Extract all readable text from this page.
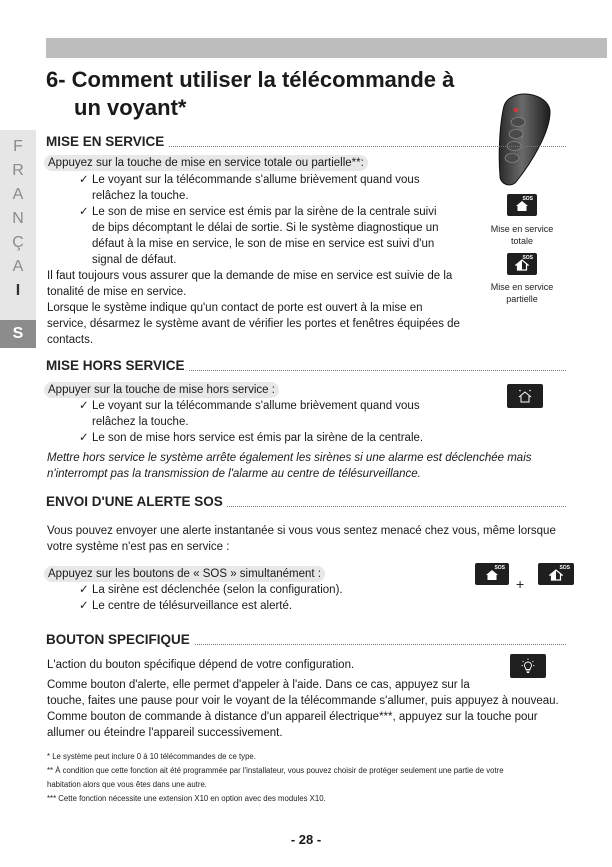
6- Comment utiliser la télécommande à
un voyant*
F
R
A
N
Ç
A
I
S
MISE EN SERVICE
Appuyez sur la touche de mise en service totale ou partielle**:
✓ Le voyant sur la télécommande s'allume brièvement quand vous
relâchez la touche.
✓ Le son de mise en service est émis par la sirène de la centrale suivi
de bips décomptant le délai de sortie. Si le système diagnostique un
défaut à la mise en service, le son de mise en service est suivi d'un
signal de défaut.
Il faut toujours vous assurer que la demande de mise en service est suivie de la
tonalité de mise en service.
Lorsque le système indique qu'un contact de porte est ouvert à la mise en
service, désarmez le système avant de vérifier les portes et fenêtres équipées de
contacts.
SOS
Mise en service
totale
SOS
Mise en service
partielle
MISE HORS SERVICE
Appuyer sur la touche de mise hors service :
✓ Le voyant sur la télécommande s'allume brièvement quand vous
relâchez la touche.
✓ Le son de mise hors service est émis par la sirène de la centrale.
Mettre hors service le système arrête également les sirènes si une alarme est déclenchée mais
n'interrompt pas la transmission de l'alarme au centre de télésurveillance.
ENVOI D'UNE ALERTE SOS
Vous pouvez envoyer une alerte instantanée si vous vous sentez menacé chez vous, même lorsque
votre système n'est pas en service :
Appuyez sur les boutons de « SOS » simultanément :
✓ La sirène est déclenchée (selon la configuration).
✓ Le centre de télésurveillance est alerté.
SOS
+
SOS
BOUTON SPECIFIQUE
L'action du bouton spécifique dépend de votre configuration.
Comme bouton d'alerte, elle permet d'appeler à l'aide. Dans ce cas, appuyez sur la
touche, faites une pause pour voir le voyant de la télécommande s'allumer, puis appuyez à nouveau.
Comme bouton de commande à distance d'un appareil électrique***, appuyez sur la touche pour
allumer ou éteindre l'appareil successivement.
* Le système peut inclure 0 à 10 télécommandes de ce type.
** À condition que cette fonction ait été programmée par l'installateur, vous pouvez choisir de protéger seulement une partie de votre
habitation alors que vous êtes dans une autre.
*** Cette fonction nécessite une extension X10 en option avec des modules X10.
- 28 -
